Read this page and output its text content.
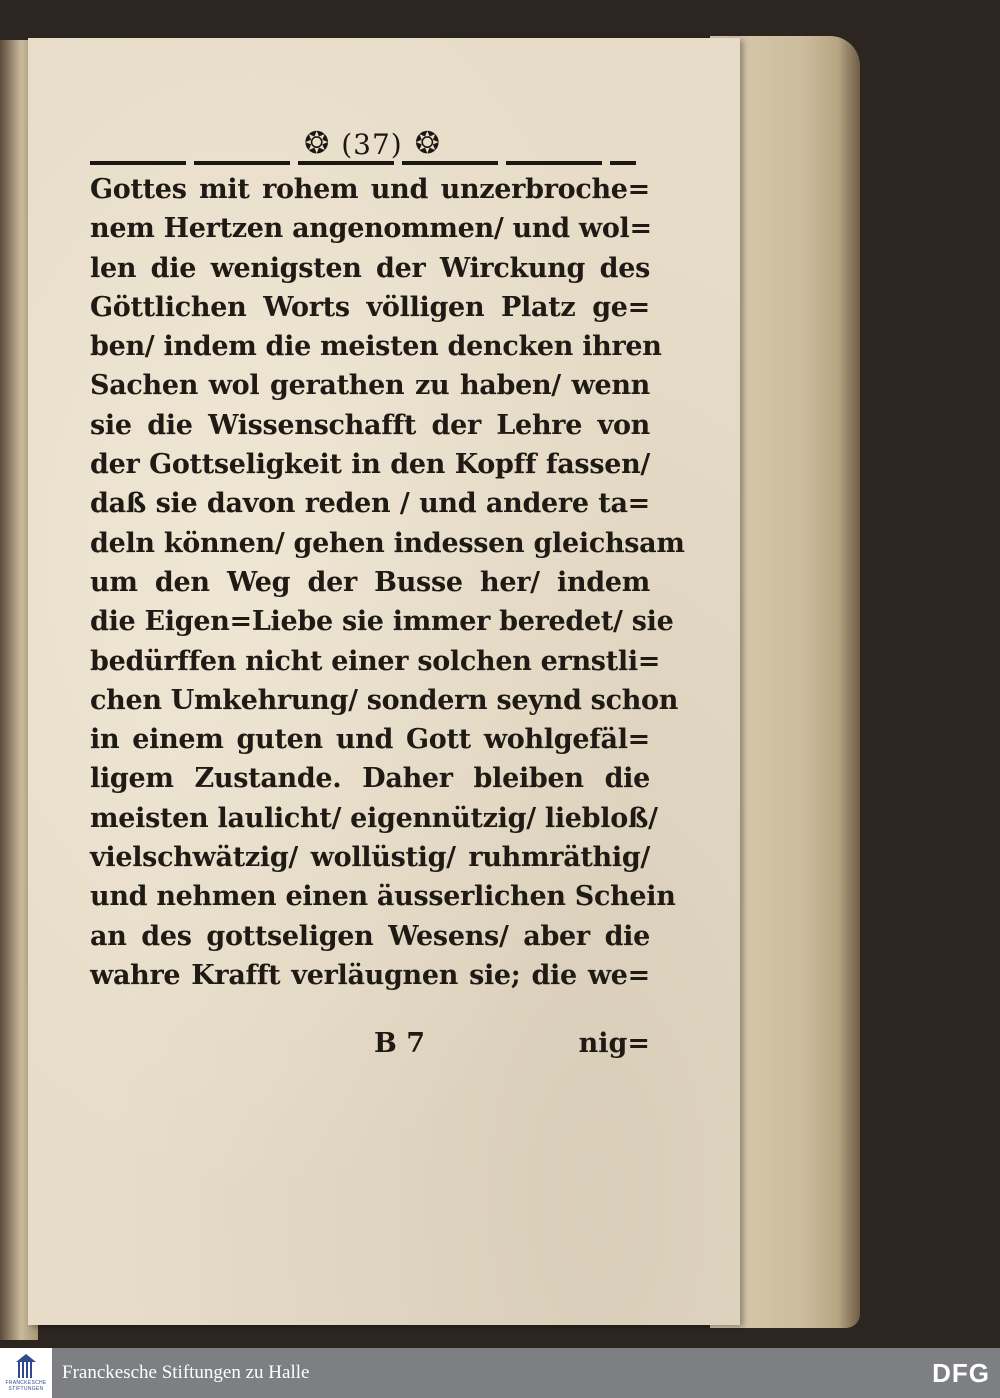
❂ (37) ❂
Gottes mit rohem und unzerbroche=
nem Hertzen angenommen/ und wol=
len die wenigsten der Wirckung des
Göttlichen Worts völligen Platz ge=
ben/ indem die meisten dencken ihren
Sachen wol gerathen zu haben/ wenn
sie die Wissenschafft der Lehre von
der Gottseligkeit in den Kopff fassen/
daß sie davon reden / und andere ta=
deln können/ gehen indessen gleichsam
um den Weg der Busse her/ indem
die Eigen=Liebe sie immer beredet/ sie
bedürffen nicht einer solchen ernstli=
chen Umkehrung/ sondern seynd schon
in einem guten und Gott wohlgefäl=
ligem Zustande. Daher bleiben die
meisten laulicht/ eigennützig/ liebloß/
vielschwätzig/ wollüstig/ ruhmräthig/
und nehmen einen äusserlichen Schein
an des gottseligen Wesens/ aber die
wahre Krafft verläugnen sie; die we=
B 7	nig=
FRANCKESCHE
STIFTUNGEN
Franckesche Stiftungen zu Halle	DFG
